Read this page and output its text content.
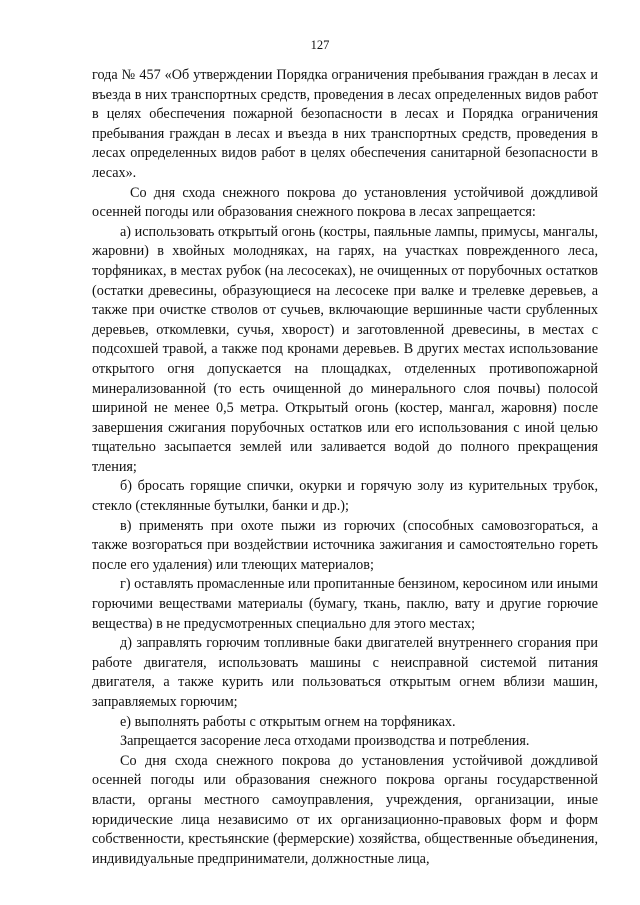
127

года № 457 «Об утверждении Порядка ограничения пребывания граждан в лесах и въезда в них транспортных средств, проведения в лесах определенных видов работ в целях обеспечения пожарной безопасности в лесах и Порядка ограничения пребывания граждан в лесах и въезда в них транспортных средств, проведения в лесах определенных видов работ в целях обеспечения санитарной безопасности в лесах».

Со дня схода снежного покрова до установления устойчивой дождливой осенней погоды или образования снежного покрова в лесах запрещается:

а) использовать открытый огонь (костры, паяльные лампы, примусы, мангалы, жаровни) в хвойных молодняках, на гарях, на участках поврежденного леса, торфяниках, в местах рубок (на лесосеках), не очищенных от порубочных остатков (остатки древесины, образующиеся на лесосеке при валке и трелевке деревьев, а также при очистке стволов от сучьев, включающие вершинные части срубленных деревьев, откомлевки, сучья, хворост) и заготовленной древесины, в местах с подсохшей травой, а также под кронами деревьев. В других местах использование открытого огня допускается на площадках, отделенных противопожарной минерализованной (то есть очищенной до минерального слоя почвы) полосой шириной не менее 0,5 метра. Открытый огонь (костер, мангал, жаровня) после завершения сжигания порубочных остатков или его использования с иной целью тщательно засыпается землей или заливается водой до полного прекращения тления;

б) бросать горящие спички, окурки и горячую золу из курительных трубок, стекло (стеклянные бутылки, банки и др.);

в) применять при охоте пыжи из горючих (способных самовозгораться, а также возгораться при воздействии источника зажигания и самостоятельно гореть после его удаления) или тлеющих материалов;

г) оставлять промасленные или пропитанные бензином, керосином или иными горючими веществами материалы (бумагу, ткань, паклю, вату и другие горючие вещества) в не предусмотренных специально для этого местах;

д) заправлять горючим топливные баки двигателей внутреннего сгорания при работе двигателя, использовать машины с неисправной системой питания двигателя, а также курить или пользоваться открытым огнем вблизи машин, заправляемых горючим;

е) выполнять работы с открытым огнем на торфяниках.

Запрещается засорение леса отходами производства и потребления.

Со дня схода снежного покрова до установления устойчивой дождливой осенней погоды или образования снежного покрова органы государственной власти, органы местного самоуправления, учреждения, организации, иные юридические лица независимо от их организационно-правовых форм и форм собственности, крестьянские (фермерские) хозяйства, общественные объединения, индивидуальные предприниматели, должностные лица,
